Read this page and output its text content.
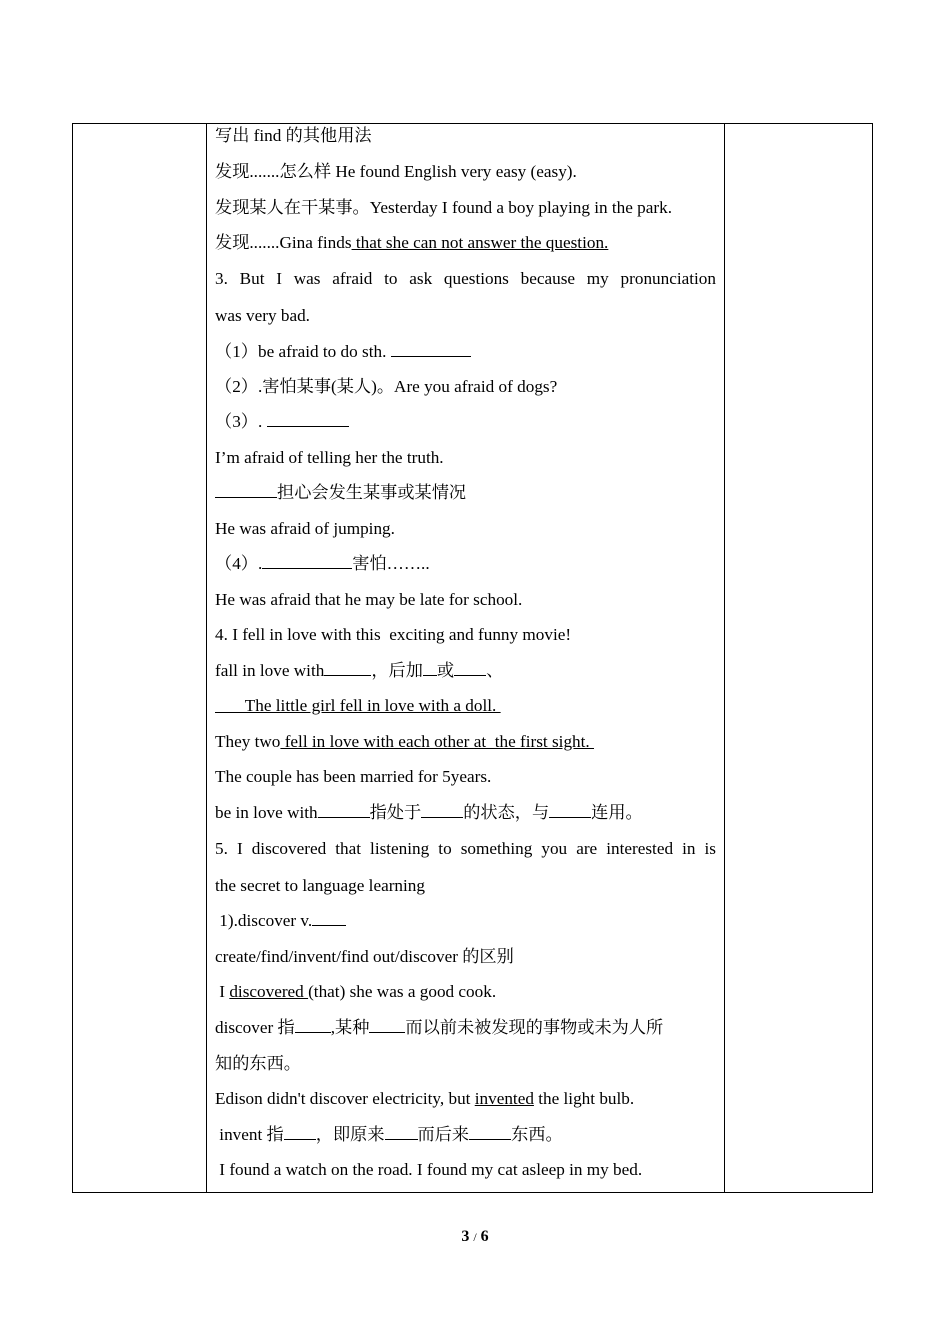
写出 find 的其他用法
发现.......怎么样 He found English very easy (easy).
发现某人在干某事。Yesterday I found a boy playing in the park.
发现.......Gina finds that she can not answer the question.
3. But I was afraid to ask questions because my pronunciation
was very bad.
（1）be afraid to do sth.
（2）.害怕某事(某人)。Are you afraid of dogs?
（3）.
I’m afraid of telling her the truth.
担心会发生某事或某情况
He was afraid of jumping.
（4）.	害怕……..
He was afraid that he may be late for school.
4. I fell in love with this  exciting and funny movie!
fall in love with	，后加 或 、
The little girl fell in love with a doll.
They two fell in love with each other at  the first sight.
The couple has been married for 5years.
be in love with	指处于 的状态，与 连用。
5. I discovered that listening to something you are interested in is
the secret to language learning
1).discover v.
create/find/invent/find out/discover 的区别
I discovered (that) she was a good cook.
discover 指 ,某种 而以前未被发现的事物或未为人所
知的东西。
Edison didn't discover electricity, but invented the light bulb.
invent 指 ，即原来 而后来 东西。
I found a watch on the road. I found my cat asleep in my bed.
3 / 6
